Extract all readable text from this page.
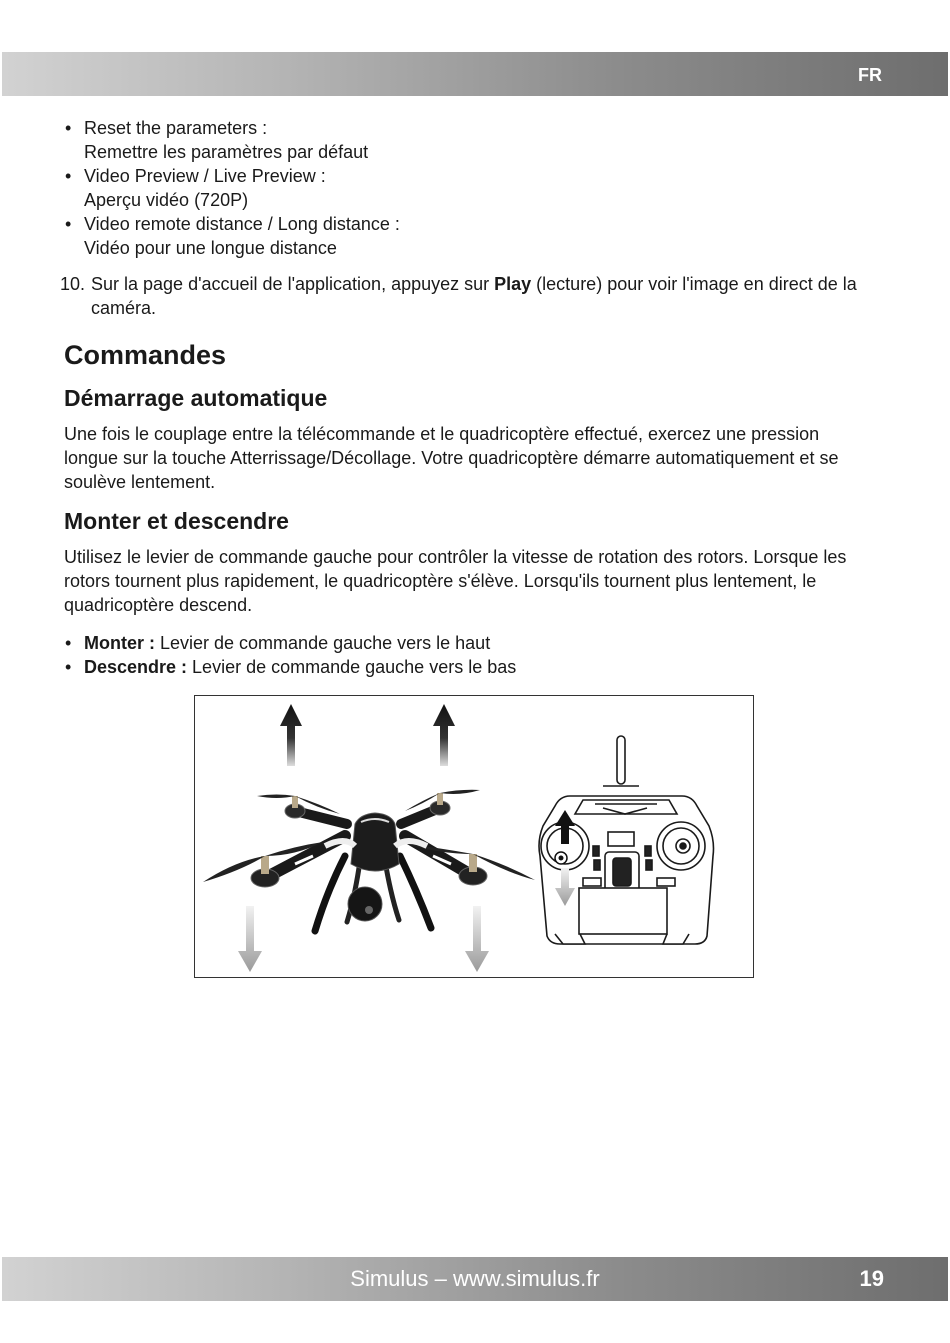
FR
• Reset the parameters :
Remettre les paramètres par défaut
• Video Preview / Live Preview :
Aperçu vidéo (720P)
• Video remote distance / Long distance :
Vidéo pour une longue distance
10. Sur la page d'accueil de l'application, appuyez sur Play (lecture) pour voir l'image en direct de la caméra.
Commandes
Démarrage automatique

Une fois le couplage entre la télécommande et le quadricoptère effectué, exercez une pression longue sur la touche Atterrissage/Décollage. Votre quadricoptère démarre automatiquement et se soulève lentement.

Monter et descendre

Utilisez le levier de commande gauche pour contrôler la vitesse de rotation des rotors. Lorsque les rotors tournent plus rapidement, le quadricoptère s'élève. Lorsqu'ils tournent plus lentement, le quadricoptère descend.

• Monter : Levier de commande gauche vers le haut
• Descendre : Levier de commande gauche vers le bas
Simulus – www.simulus.fr	19
